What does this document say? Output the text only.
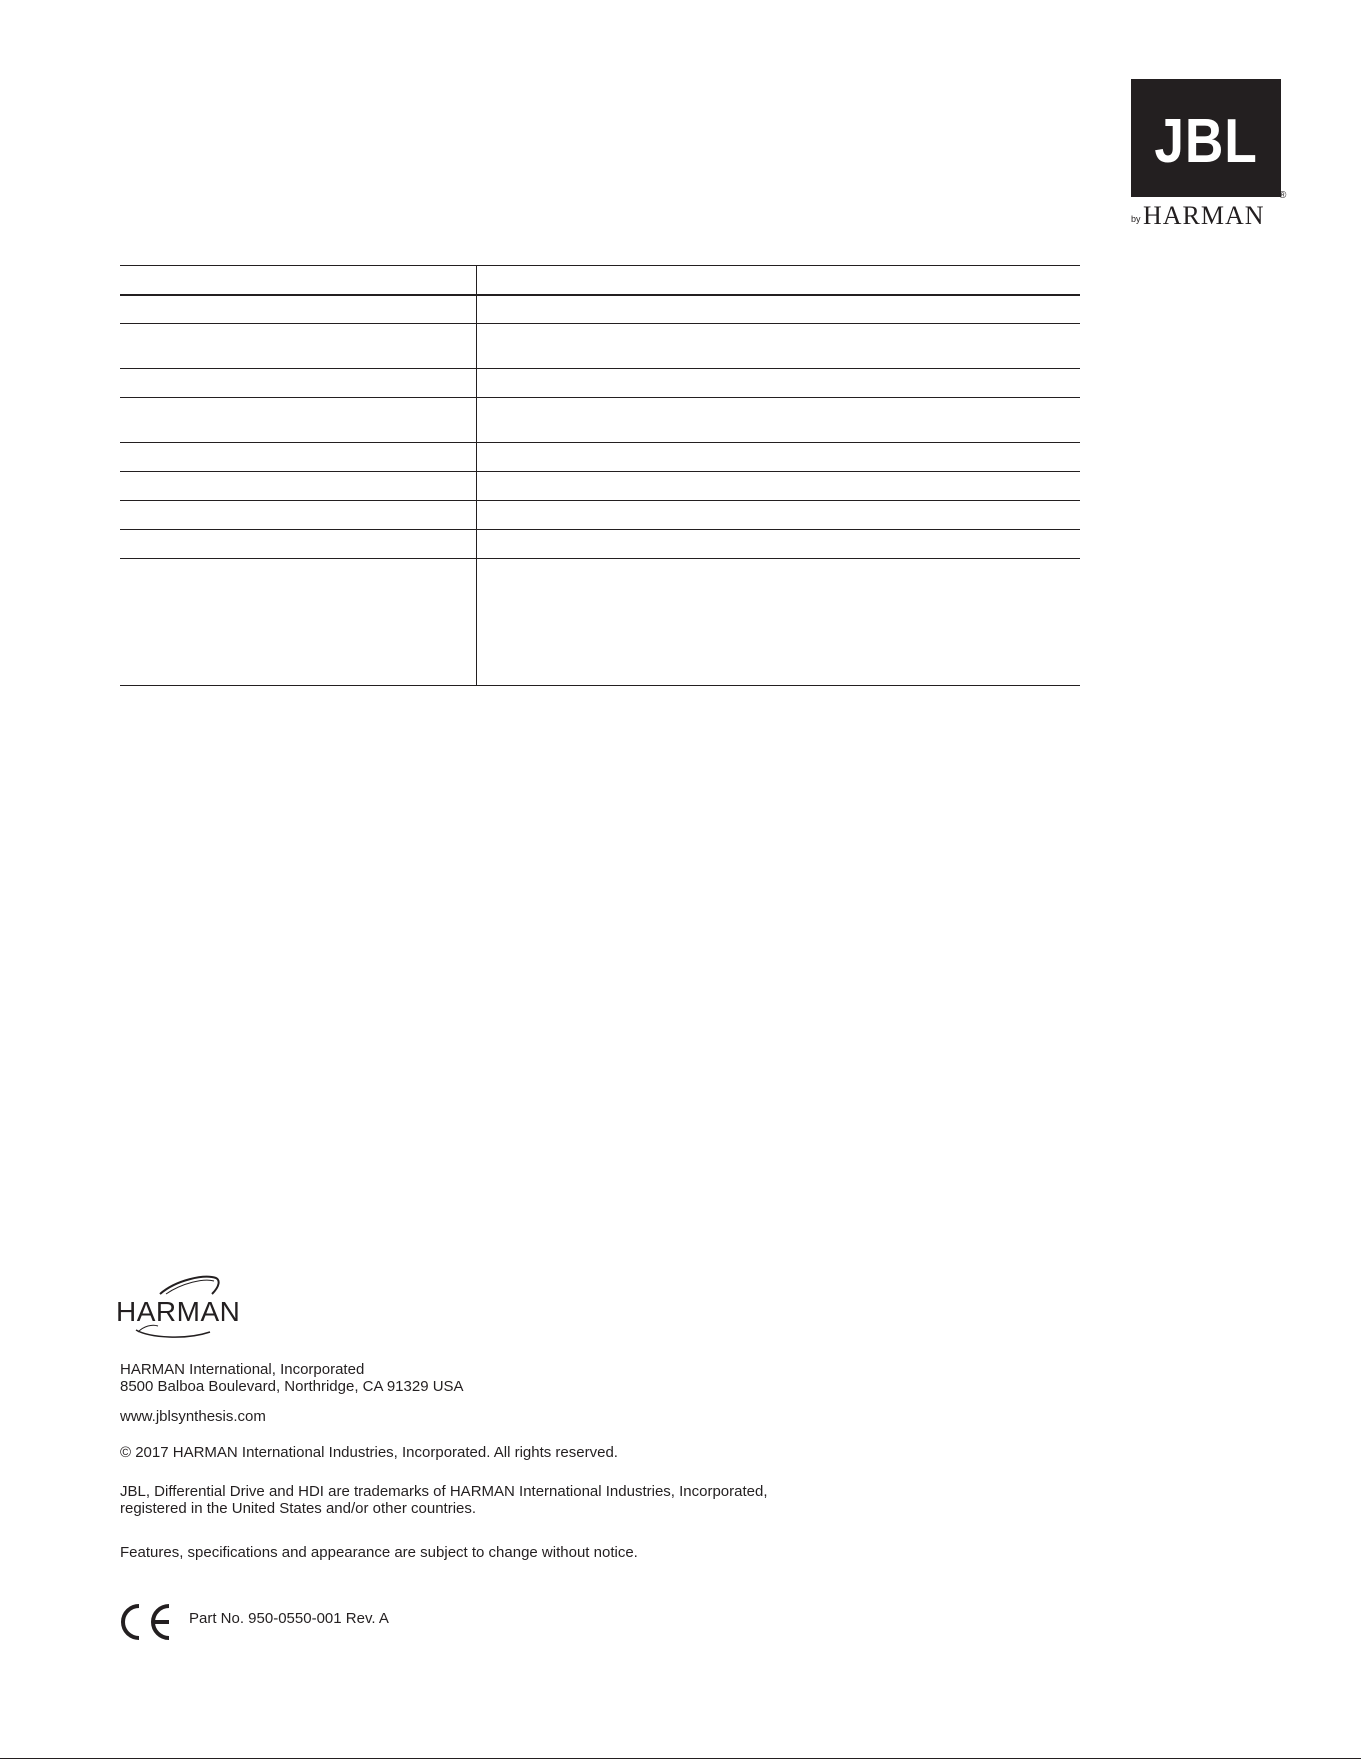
JBL
®
by HARMAN
HARMAN
HARMAN International, Incorporated
8500 Balboa Boulevard, Northridge, CA 91329 USA
www.jblsynthesis.com
© 2017 HARMAN International Industries, Incorporated. All rights reserved.
JBL, Differential Drive and HDI are trademarks of HARMAN International Industries, Incorporated,
registered in the United States and/or other countries.
Features, specifications and appearance are subject to change without notice.
Part No. 950-0550-001 Rev. A
